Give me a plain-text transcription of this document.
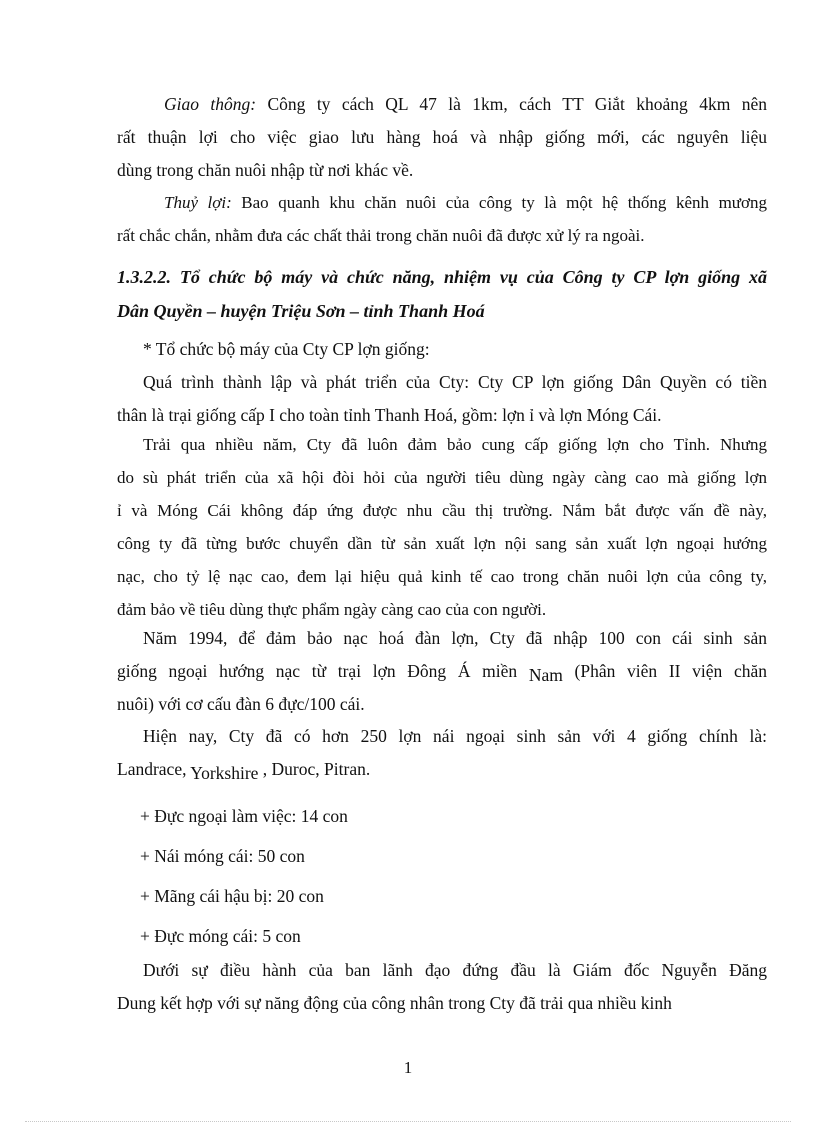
Giao thông: Công ty cách QL 47 là 1km, cách TT Giắt khoảng 4km nên
rất thuận lợi cho việc giao lưu hàng hoá và nhập giống mới, các nguyên liệu
dùng trong chăn nuôi nhập từ nơi khác về.
Thuỷ lợi: Bao quanh khu chăn nuôi của công ty là một hệ thống kênh mương
rất chắc chắn, nhằm đưa các chất thải trong chăn nuôi đã được xử lý ra ngoài.
1.3.2.2. Tổ chức bộ máy và chức năng, nhiệm vụ của Công ty CP lợn giống xã
Dân Quyền – huyện Triệu Sơn – tỉnh Thanh Hoá
* Tổ chức bộ máy của Cty CP lợn giống:
Quá trình thành lập và phát triển của Cty: Cty CP lợn giống Dân Quyền có tiền
thân là trại giống cấp I cho toàn tỉnh Thanh Hoá, gồm: lợn ỉ và lợn Móng Cái.
Trải qua nhiều năm, Cty đã luôn đảm bảo cung cấp giống lợn cho Tỉnh. Nhưng
do sù phát triển của xã hội đòi hỏi của người tiêu dùng ngày càng cao mà giống lợn
ỉ và Móng Cái không đáp ứng được nhu cầu thị trường. Nắm bắt được vấn đề này,
công ty đã từng bước chuyển dần từ sản xuất lợn nội sang sản xuất lợn ngoại hướng
nạc, cho tỷ lệ nạc cao, đem lại hiệu quả kinh tế cao trong chăn nuôi lợn của công ty,
đảm bảo về tiêu dùng thực phẩm ngày càng cao của con người.
Năm 1994, để đảm bảo nạc hoá đàn lợn, Cty đã nhập 100 con cái sinh sản
giống ngoại hướng nạc từ trại lợn Đông Á miền Nam (Phân viên II viện chăn
nuôi) với cơ cấu đàn 6 đực/100 cái.
Hiện nay, Cty đã có hơn 250 lợn nái ngoại sinh sản với 4 giống chính là:
Landrace, Yorkshire , Duroc, Pitran.
+ Đực ngoại làm việc: 14 con
+ Nái móng cái: 50 con
+ Mãng cái hậu bị: 20 con
+ Đực móng cái: 5 con
Dưới sự điều hành của ban lãnh đạo đứng đầu là Giám đốc Nguyễn Đăng
Dung kết hợp với sự năng động của công nhân trong Cty đã trải qua nhiều kinh
1
